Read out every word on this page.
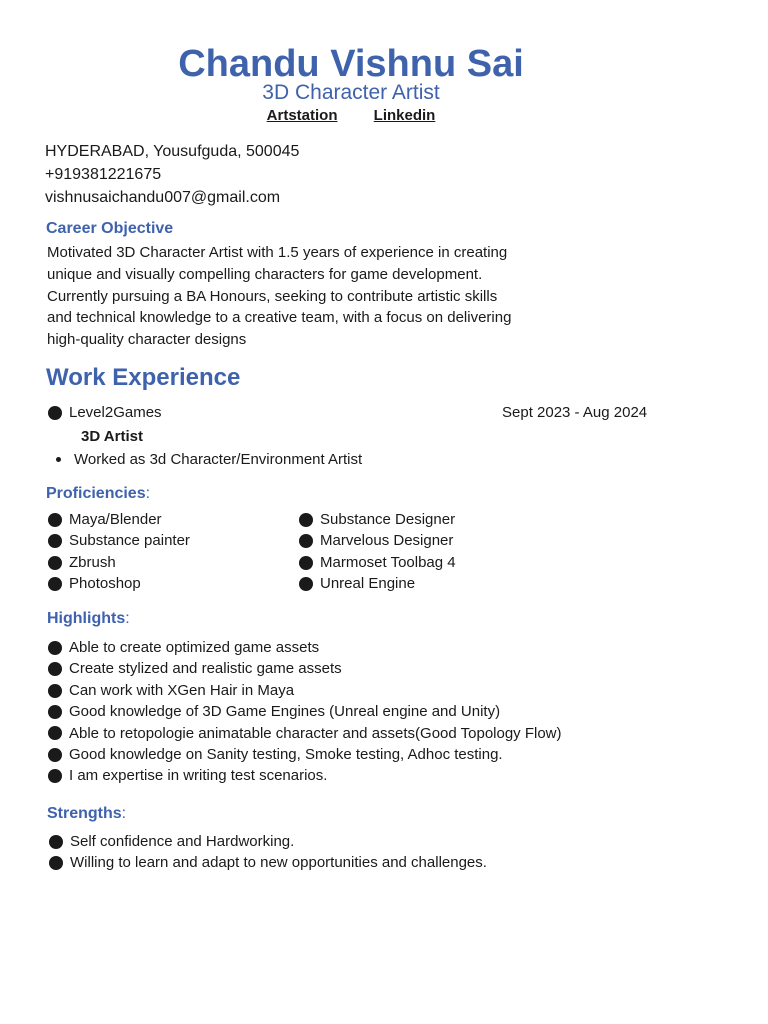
Chandu Vishnu Sai
3D Character Artist
Artstation Linkedin
HYDERABAD, Yousufguda, 500045
+919381221675
vishnusaichandu007@gmail.com
Career Objective
Motivated 3D Character Artist with 1.5 years of experience in creating
unique and visually compelling characters for game development.
Currently pursuing a BA Honours, seeking to contribute artistic skills
and technical knowledge to a creative team, with a focus on delivering
high-quality character designs
Work Experience
Level2Games	Sept 2023 - Aug 2024
3D Artist
Worked as 3d Character/Environment Artist
Proficiencies:
Maya/Blender
Substance painter
Zbrush
Photoshop
Substance Designer
Marvelous Designer
Marmoset Toolbag 4
Unreal Engine
Highlights:
Able to create optimized game assets
Create stylized and realistic game assets
Can work with XGen Hair in Maya
Good knowledge of 3D Game Engines (Unreal engine and Unity)
Able to retopologie animatable character and assets(Good Topology Flow)
Good knowledge on Sanity testing, Smoke testing, Adhoc testing.
I am expertise in writing test scenarios.
Strengths:
Self confidence and Hardworking.
Willing to learn and adapt to new opportunities and challenges.
